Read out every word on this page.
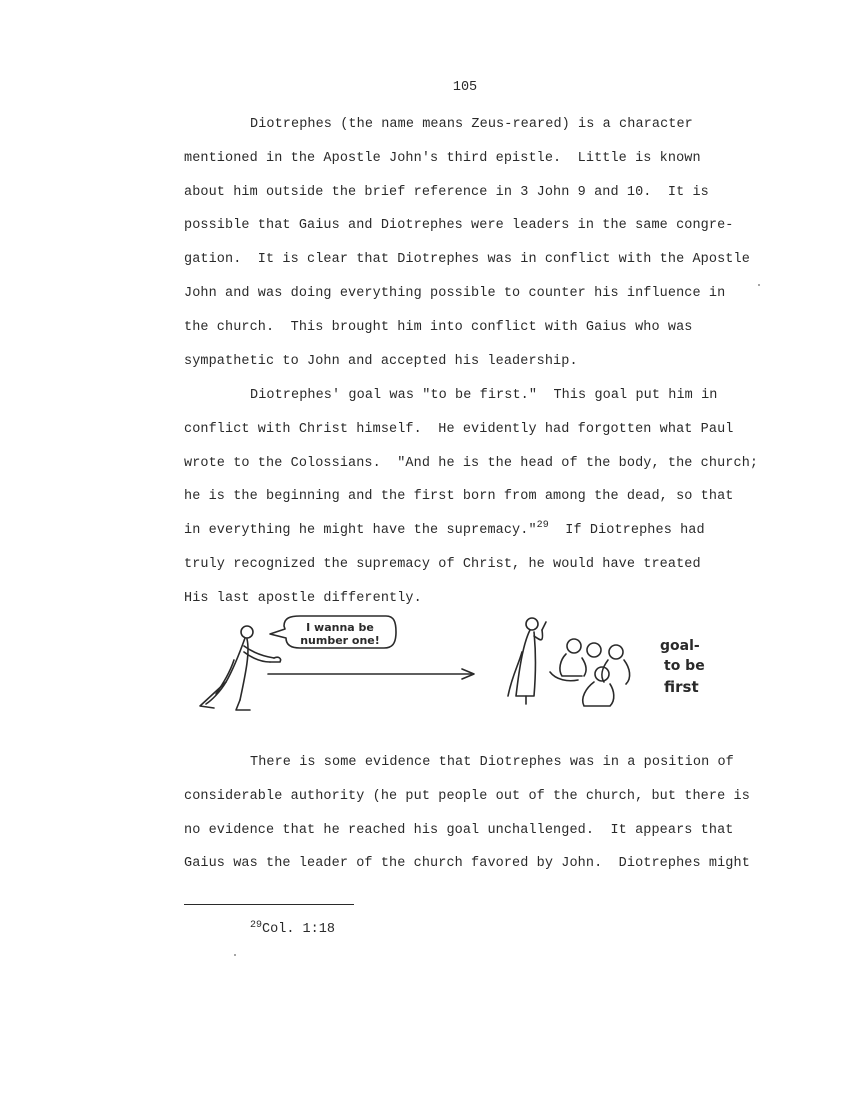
105
Diotrephes (the name means Zeus-reared) is a character
mentioned in the Apostle John's third epistle.  Little is known
about him outside the brief reference in 3 John 9 and 10.  It is
possible that Gaius and Diotrephes were leaders in the same congre-
gation.  It is clear that Diotrephes was in conflict with the Apostle
John and was doing everything possible to counter his influence in
the church.  This brought him into conflict with Gaius who was
sympathetic to John and accepted his leadership.
Diotrephes' goal was "to be first."  This goal put him in
conflict with Christ himself.  He evidently had forgotten what Paul
wrote to the Colossians.  "And he is the head of the body, the church;
he is the beginning and the first born from among the dead, so that
in everything he might have the supremacy."$^{29}$  If Diotrephes had
truly recognized the supremacy of Christ, he would have treated
His last apostle differently.
I wanna be
number one!	goal-
to be
first
There is some evidence that Diotrephes was in a position of
considerable authority (he put people out of the church, but there is
no evidence that he reached his goal unchallenged.  It appears that
Gaius was the leader of the church favored by John.  Diotrephes might
$^{29}$Col. 1:18
